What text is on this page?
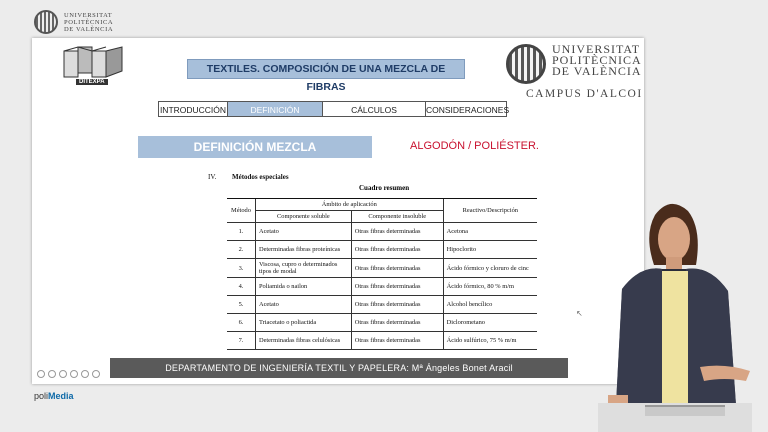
UNIVERSITAT
POLITÈCNICA
DE VALÈNCIA
DITEXPA
TEXTILES. COMPOSICIÓN DE UNA MEZCLA DE FIBRAS
UNIVERSITAT
POLITÈCNICA
DE VALÈNCIA
CAMPUS D'ALCOI
INTRODUCCIÓN	DEFINICIÓN	CÁLCULOS	CONSIDERACIONES
DEFINICIÓN MEZCLA	ALGODÓN / POLIÉSTER.
IV. Métodos especiales
Cuadro resumen
Método	Ámbito de aplicación		Reactivo/Descripción
	Componente soluble	Componente insoluble	
1.	Acetato	Otras fibras determinadas	Acetona
2.	Determinadas fibras proteínicas	Otras fibras determinadas	Hipoclorito
3.	Viscosa, cupro o determinados tipos de modal	Otras fibras determinadas	Ácido fórmico y cloruro de cinc
4.	Poliamida o nailon	Otras fibras determinadas	Ácido fórmico, 80 % m/m
5.	Acetato	Otras fibras determinadas	Alcohol bencílico
6.	Triacetato o poliactida	Otras fibras determinadas	Diclorometano
7.	Determinadas fibras celulósicas	Otras fibras determinadas	Ácido sulfúrico, 75 % m/m
DEPARTAMENTO DE INGENIERÍA TEXTIL Y PAPELERA: Mª Ángeles Bonet Aracil
↖
poliMedia
